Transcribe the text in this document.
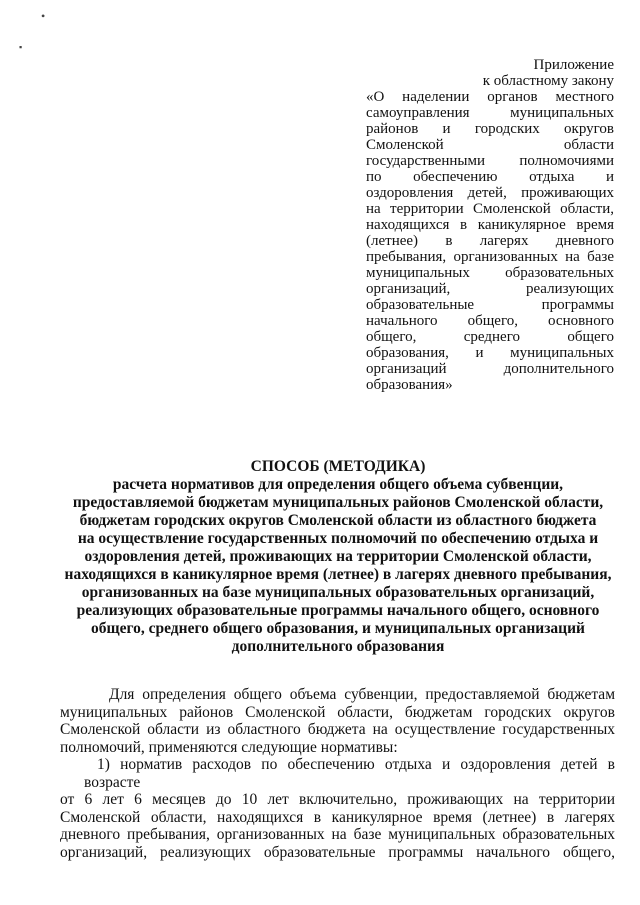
•
▪
Приложение
к областному закону
«О наделении органов местного
самоуправления муниципальных
районов и городских округов
Смоленской области
государственными полномочиями
по обеспечению отдыха и
оздоровления детей, проживающих
на территории Смоленской области,
находящихся в каникулярное время
(летнее) в лагерях дневного
пребывания, организованных на базе
муниципальных образовательных
организаций, реализующих
образовательные программы
начального общего, основного
общего, среднего общего
образования, и муниципальных
организаций дополнительного
образования»
СПОСОБ (МЕТОДИКА)
расчета нормативов для определения общего объема субвенции,
предоставляемой бюджетам муниципальных районов Смоленской области,
бюджетам городских округов Смоленской области из областного бюджета
на осуществление государственных полномочий по обеспечению отдыха и
оздоровления детей, проживающих на территории Смоленской области,
находящихся в каникулярное время (летнее) в лагерях дневного пребывания,
организованных на базе муниципальных образовательных организаций,
реализующих образовательные программы начального общего, основного
общего, среднего общего образования, и муниципальных организаций
дополнительного образования

Для определения общего объема субвенции, предоставляемой бюджетам

муниципальных районов Смоленской области, бюджетам городских округов

Смоленской области из областного бюджета на осуществление государственных

полномочий, применяются следующие нормативы:

1) норматив расходов по обеспечению отдыха и оздоровления детей в возрасте

от 6 лет 6 месяцев до 10 лет включительно, проживающих на территории

Смоленской области, находящихся в каникулярное время (летнее) в лагерях

дневного пребывания, организованных на базе муниципальных образовательных

организаций, реализующих образовательные программы начального общего,
